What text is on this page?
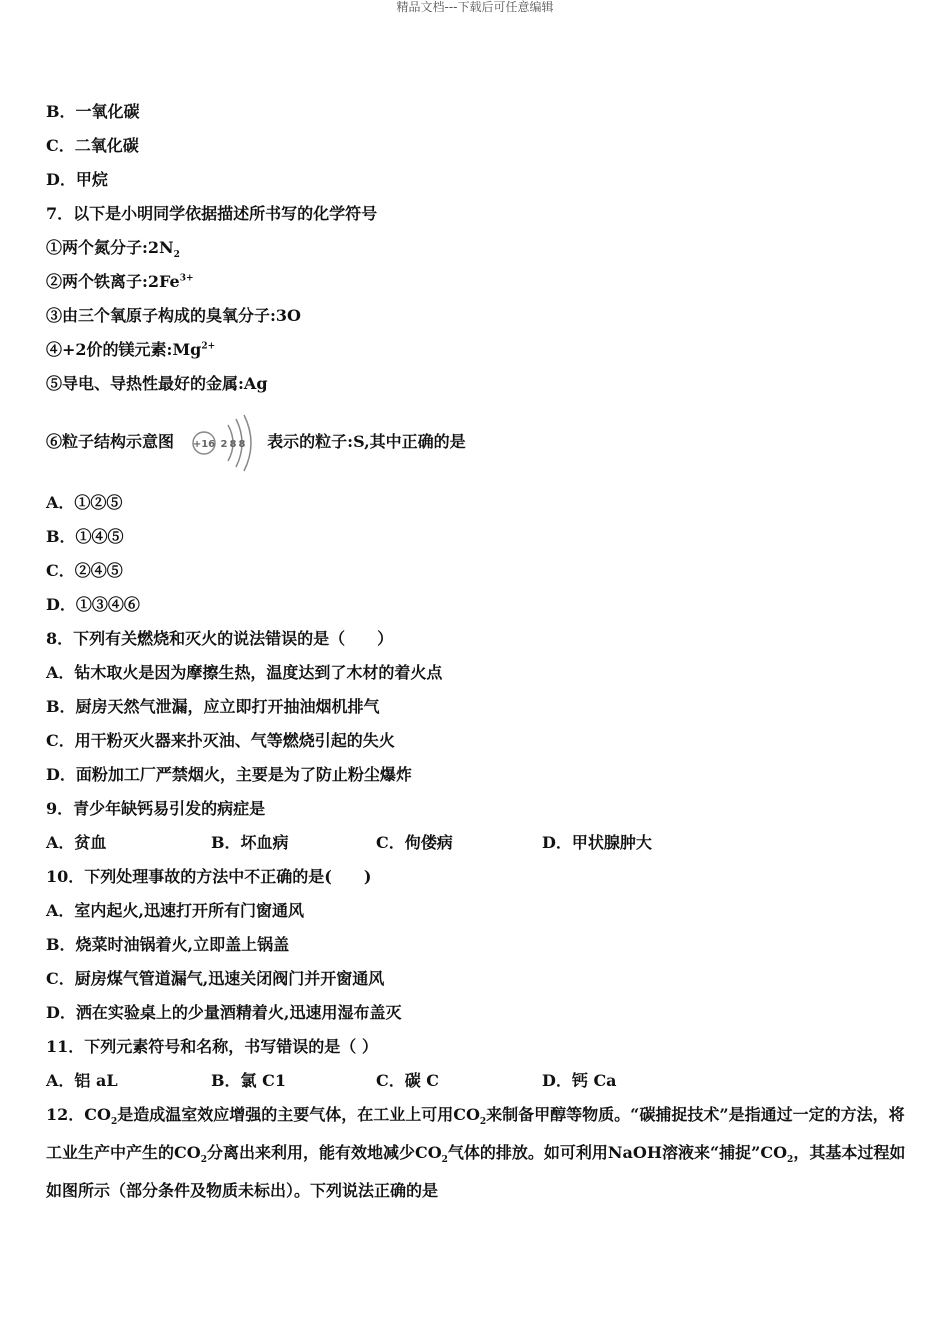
精品文档---下载后可任意编辑
B．一氧化碳
C．二氧化碳
D．甲烷
7．以下是小明同学依据描述所书写的化学符号
①两个氮分子$:2N_2$
②两个铁离子$:2Fe^{3+}$
③由三个氧原子构成的臭氧分子:3O
④+2价的镁元素$:Mg^{2+}$
⑤导电、导热性最好的金属:Ag
⑥粒子结构示意图 +16 2 8 8 表示的粒子:S,其中正确的是
A．①②⑤
B．①④⑤
C．②④⑤
D．①③④⑥
8．下列有关燃烧和灭火的说法错误的是（　　）
A．钻木取火是因为摩擦生热，温度达到了木材的着火点
B．厨房天然气泄漏，应立即打开抽油烟机排气
C．用干粉灭火器来扑灭油、气等燃烧引起的失火
D．面粉加工厂严禁烟火，主要是为了防止粉尘爆炸
9．青少年缺钙易引发的病症是
A．贫血	B．坏血病	C．佝偻病	D．甲状腺肿大
10．下列处理事故的方法中不正确的是(　　)
A．室内起火,迅速打开所有门窗通风
B．烧菜时油锅着火,立即盖上锅盖
C．厨房煤气管道漏气,迅速关闭阀门并开窗通风
D．洒在实验桌上的少量酒精着火,迅速用湿布盖灭
11．下列元素符号和名称，书写错误的是（ ）
A．铝 aL	B．氯 C1	C．碳 C	D．钙 Ca
12．$CO_2$是造成温室效应增强的主要气体，在工业上可用$CO_2$来制备甲醇等物质。“碳捕捉技术”是指通过一定的方法，将工业生产中产生的$CO_2$分离出来利用，能有效地减少$CO_2$气体的排放。如可利用NaOH溶液来“捕捉$”CO_2$，其基本过程如如图所示（部分条件及物质未标出）。下列说法正确的是
